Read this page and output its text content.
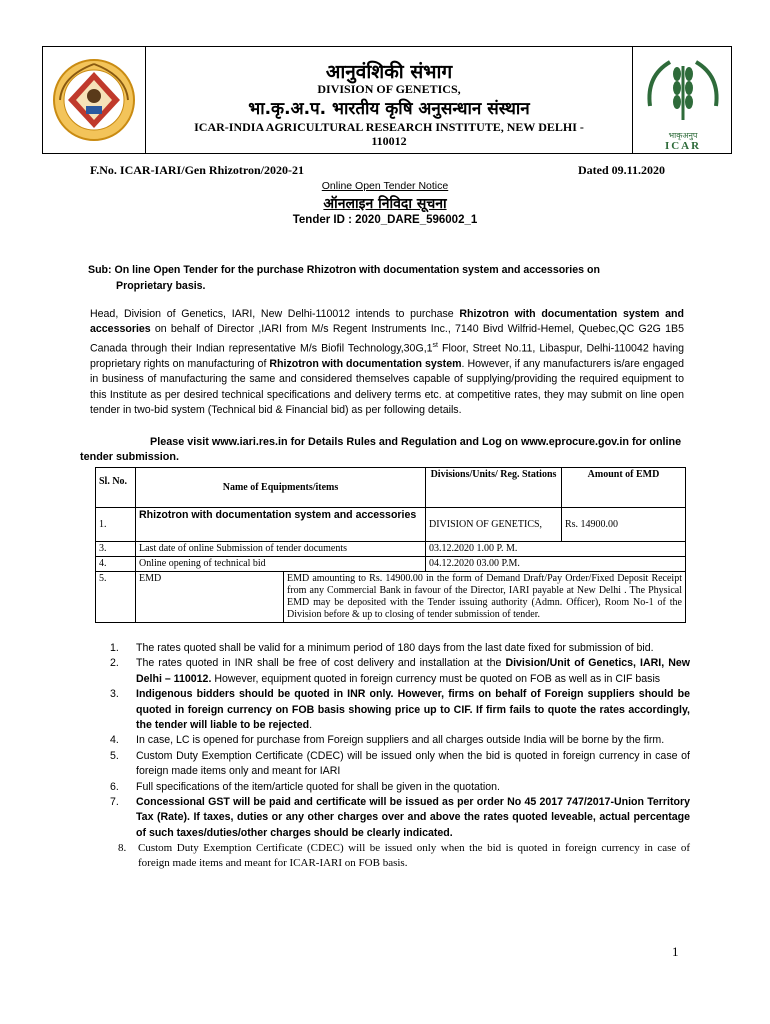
भाकृअनुप
ICAR
आनुवंशिकी संभाग
DIVISION OF GENETICS,
भा.कृ.अ.प. भारतीय कृषि अनुसन्धान संस्थान
ICAR-INDIA AGRICULTURAL RESEARCH INSTITUTE, NEW DELHI -
110012
F.No. ICAR-IARI/Gen Rhizotron/2020-21	Dated 09.11.2020
Online Open Tender Notice
ऑनलाइन निविदा सूचना
Tender ID : 2020_DARE_596002_1
Sub: On line Open Tender for the purchase Rhizotron with documentation system and accessories on
Proprietary basis.
Head, Division of Genetics, IARI, New Delhi-110012 intends to purchase Rhizotron with documentation system and accessories on behalf of Director ,IARI from M/s Regent Instruments Inc., 7140 Bivd Wilfrid-Hemel, Quebec,QC G2G 1B5 Canada through their Indian representative M/s Biofil Technology,30G,1st Floor, Street No.11, Libaspur, Delhi-110042 having proprietary rights on manufacturing of Rhizotron with documentation system. However, if any manufacturers is/are engaged in business of manufacturing the same and considered themselves capable of supplying/providing the required equipment to this Institute as per desired technical specifications and delivery terms etc. at competitive rates, they may submit on line open tender in two-bid system (Technical bid & Financial bid) as per following details.
Please visit www.iari.res.in for Details Rules and Regulation and Log on www.eprocure.gov.in for online
tender submission.
Sl. No.	Name of Equipments/items		Divisions/Units/ Reg. Stations	Amount of EMD
1.	Rhizotron with documentation system and accessories		DIVISION OF GENETICS,	Rs. 14900.00
3.	Last date of online Submission of tender documents		03.12.2020 1.00 P. M.	
4.	Online opening of technical bid		04.12.2020 03.00 P.M.	
5.	EMD	EMD amounting to Rs. 14900.00 in the form of Demand Draft/Pay Order/Fixed Deposit Receipt from any Commercial Bank in favour of the Director, IARI payable at New Delhi . The Physical EMD may be deposited with the Tender issuing authority (Admn. Officer), Room No-1 of the Division before & up to closing of tender submission of tender.		
1. The rates quoted shall be valid for a minimum period of 180 days from the last date fixed for submission of bid.
2. The rates quoted in INR shall be free of cost delivery and installation at the Division/Unit of Genetics, IARI, New Delhi – 110012. However, equipment quoted in foreign currency must be quoted on FOB as well as in CIF basis
3. Indigenous bidders should be quoted in INR only. However, firms on behalf of Foreign suppliers should be quoted in foreign currency on FOB basis showing price up to CIF. If firm fails to quote the rates accordingly, the tender will liable to be rejected.
4. In case, LC is opened for purchase from Foreign suppliers and all charges outside India will be borne by the firm.
5. Custom Duty Exemption Certificate (CDEC) will be issued only when the bid is quoted in foreign currency in case of foreign made items only and meant for IARI
6. Full specifications of the item/article quoted for shall be given in the quotation.
7. Concessional GST will be paid and certificate will be issued as per order No 45 2017 747/2017-Union Territory Tax (Rate). If taxes, duties or any other charges over and above the rates quoted leveable, actual percentage of such taxes/duties/other charges should be clearly indicated.
8. Custom Duty Exemption Certificate (CDEC) will be issued only when the bid is quoted in foreign currency in case of foreign made items and meant for ICAR-IARI on FOB basis.
1
